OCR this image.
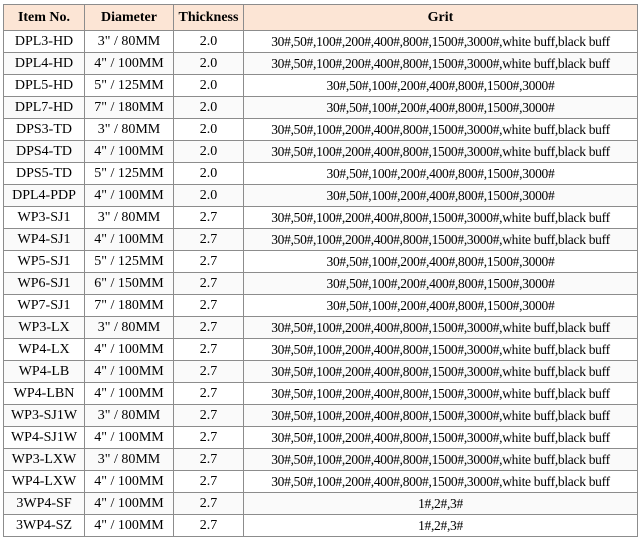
Item No.	Diameter	Thickness	Grit
DPL3-HD	3" / 80MM	2.0	30#,50#,100#,200#,400#,800#,1500#,3000#,white buff,black buff
DPL4-HD	4" / 100MM	2.0	30#,50#,100#,200#,400#,800#,1500#,3000#,white buff,black buff
DPL5-HD	5" / 125MM	2.0	30#,50#,100#,200#,400#,800#,1500#,3000#
DPL7-HD	7" / 180MM	2.0	30#,50#,100#,200#,400#,800#,1500#,3000#
DPS3-TD	3" / 80MM	2.0	30#,50#,100#,200#,400#,800#,1500#,3000#,white buff,black buff
DPS4-TD	4" / 100MM	2.0	30#,50#,100#,200#,400#,800#,1500#,3000#,white buff,black buff
DPS5-TD	5" / 125MM	2.0	30#,50#,100#,200#,400#,800#,1500#,3000#
DPL4-PDP	4" / 100MM	2.0	30#,50#,100#,200#,400#,800#,1500#,3000#
WP3-SJ1	3" / 80MM	2.7	30#,50#,100#,200#,400#,800#,1500#,3000#,white buff,black buff
WP4-SJ1	4" / 100MM	2.7	30#,50#,100#,200#,400#,800#,1500#,3000#,white buff,black buff
WP5-SJ1	5" / 125MM	2.7	30#,50#,100#,200#,400#,800#,1500#,3000#
WP6-SJ1	6" / 150MM	2.7	30#,50#,100#,200#,400#,800#,1500#,3000#
WP7-SJ1	7" / 180MM	2.7	30#,50#,100#,200#,400#,800#,1500#,3000#
WP3-LX	3" / 80MM	2.7	30#,50#,100#,200#,400#,800#,1500#,3000#,white buff,black buff
WP4-LX	4" / 100MM	2.7	30#,50#,100#,200#,400#,800#,1500#,3000#,white buff,black buff
WP4-LB	4" / 100MM	2.7	30#,50#,100#,200#,400#,800#,1500#,3000#,white buff,black buff
WP4-LBN	4" / 100MM	2.7	30#,50#,100#,200#,400#,800#,1500#,3000#,white buff,black buff
WP3-SJ1W	3" / 80MM	2.7	30#,50#,100#,200#,400#,800#,1500#,3000#,white buff,black buff
WP4-SJ1W	4" / 100MM	2.7	30#,50#,100#,200#,400#,800#,1500#,3000#,white buff,black buff
WP3-LXW	3" / 80MM	2.7	30#,50#,100#,200#,400#,800#,1500#,3000#,white buff,black buff
WP4-LXW	4" / 100MM	2.7	30#,50#,100#,200#,400#,800#,1500#,3000#,white buff,black buff
3WP4-SF	4" / 100MM	2.7	1#,2#,3#
3WP4-SZ	4" / 100MM	2.7	1#,2#,3#
